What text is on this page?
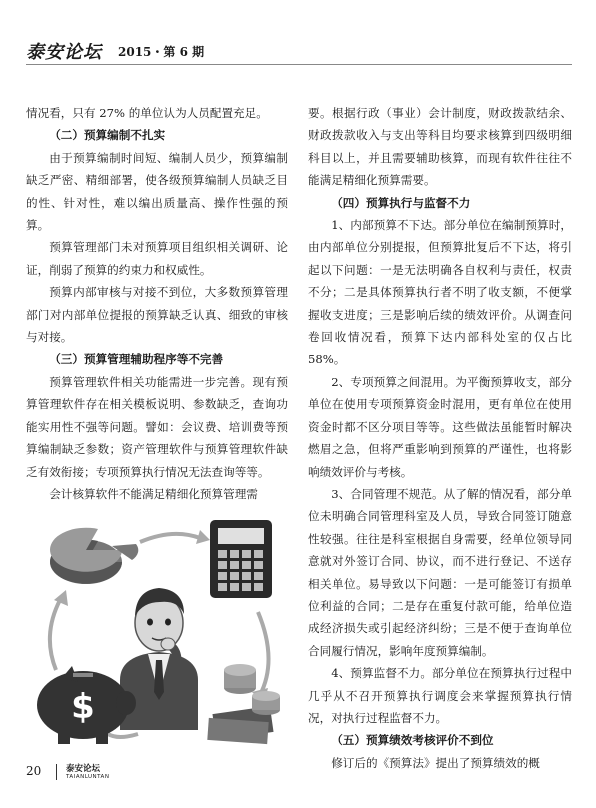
泰安论坛 2015・第 6 期

情况看，只有 27% 的单位认为人员配置充足。

（二）预算编制不扎实

由于预算编制时间短、编制人员少，预算编制缺乏严密、精细部署，使各级预算编制人员缺乏目的性、针对性，难以编出质量高、操作性强的预算。

预算管理部门未对预算项目组织相关调研、论证，削弱了预算的约束力和权威性。

预算内部审核与对接不到位，大多数预算管理部门对内部单位提报的预算缺乏认真、细致的审核与对接。

（三）预算管理辅助程序等不完善

预算管理软件相关功能需进一步完善。现有预算管理软件存在相关模板说明、参数缺乏，查询功能实用性不强等问题。譬如：会议费、培训费等预算编制缺乏参数；资产管理软件与预算管理软件缺乏有效衔接；专项预算执行情况无法查询等等。

会计核算软件不能满足精细化预算管理需

要。根据行政（事业）会计制度，财政拨款结余、财政拨款收入与支出等科目均要求核算到四级明细科目以上，并且需要辅助核算，而现有软件往往不能满足精细化预算需要。

（四）预算执行与监督不力

1、内部预算不下达。部分单位在编制预算时，由内部单位分别提报，但预算批复后不下达，将引起以下问题：一是无法明确各自权利与责任，权责不分；二是具体预算执行者不明了收支额，不便掌握收支进度；三是影响后续的绩效评价。从调查问卷回收情况看，预算下达内部科处室的仅占比 58%。

2、专项预算之间混用。为平衡预算收支，部分单位在使用专项预算资金时混用，更有单位在使用资金时都不区分项目等等。这些做法虽能暂时解决燃眉之急，但将严重影响到预算的严谨性，也将影响绩效评价与考核。

3、合同管理不规范。从了解的情况看，部分单位未明确合同管理科室及人员，导致合同签订随意性较强。往往是科室根据自身需要，经单位领导同意就对外签订合同、协议，而不进行登记、不送存相关单位。易导致以下问题：一是可能签订有损单位利益的合同；二是存在重复付款可能，给单位造成经济损失或引起经济纠纷；三是不便于查询单位合同履行情况，影响年度预算编制。

4、预算监督不力。部分单位在预算执行过程中几乎从不召开预算执行调度会来掌握预算执行情况，对执行过程监督不力。

（五）预算绩效考核评价不到位

修订后的《预算法》提出了预算绩效的概

$
20	泰安论坛
TAIANLUNTAN
